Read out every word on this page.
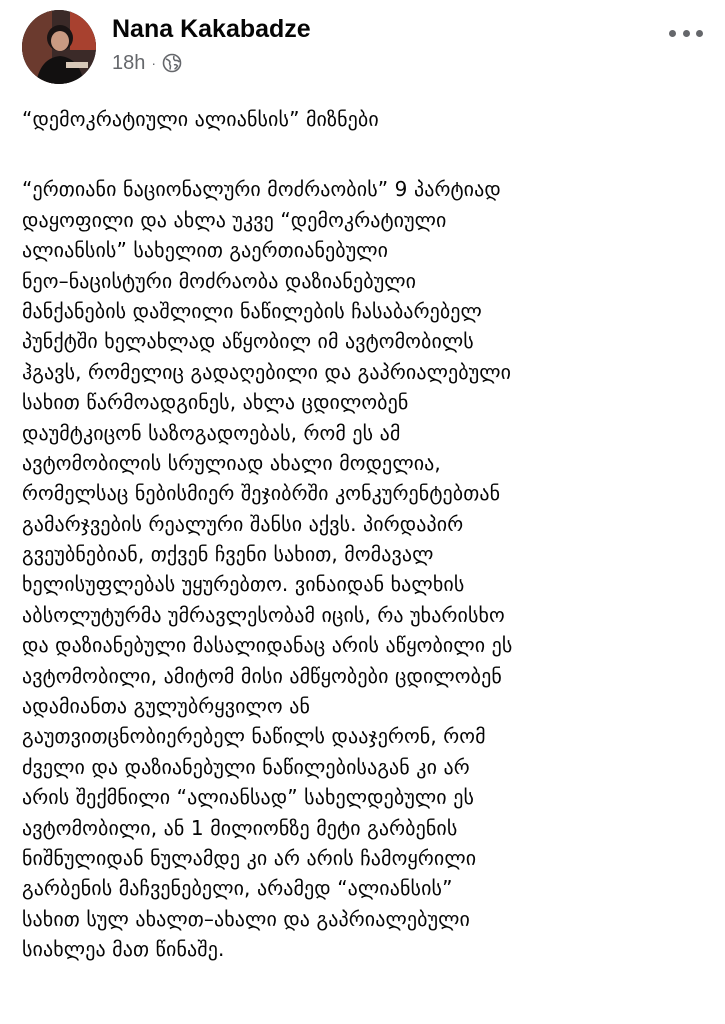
Nana Kakabadze
18h ·
“დემოკრატიული ალიანსის” მიზნები
“ერთიანი ნაციონალური მოძრაობის” 9 პარტიად
დაყოფილი და ახლა უკვე “დემოკრატიული
ალიანსის” სახელით გაერთიანებული
ნეო–ნაცისტური მოძრაობა დაზიანებული
მანქანების დაშლილი ნაწილების ჩასაბარებელ
პუნქტში ხელახლად აწყობილ იმ ავტომობილს
ჰგავს, რომელიც გადაღებილი და გაპრიალებული
სახით წარმოადგინეს, ახლა ცდილობენ
დაუმტკიცონ საზოგადოებას, რომ ეს ამ
ავტომობილის სრულიად ახალი მოდელია,
რომელსაც ნებისმიერ შეჯიბრში კონკურენტებთან
გამარჯვების რეალური შანსი აქვს. პირდაპირ
გვეუბნებიან, თქვენ ჩვენი სახით, მომავალ
ხელისუფლებას უყურებთო. ვინაიდან ხალხის
აბსოლუტურმა უმრავლესობამ იცის, რა უხარისხო
და დაზიანებული მასალიდანაც არის აწყობილი ეს
ავტომობილი, ამიტომ მისი ამწყობები ცდილობენ
ადამიანთა გულუბრყვილო ან
გაუთვითცნობიერებელ ნაწილს დააჯერონ, რომ
ძველი და დაზიანებული ნაწილებისაგან კი არ
არის შექმნილი “ალიანსად” სახელდებული ეს
ავტომობილი, ან 1 მილიონზე მეტი გარბენის
ნიშნულიდან ნულამდე კი არ არის ჩამოყრილი
გარბენის მაჩვენებელი, არამედ “ალიანსის”
სახით სულ ახალთ–ახალი და გაპრიალებული
სიახლეა მათ წინაშე.
